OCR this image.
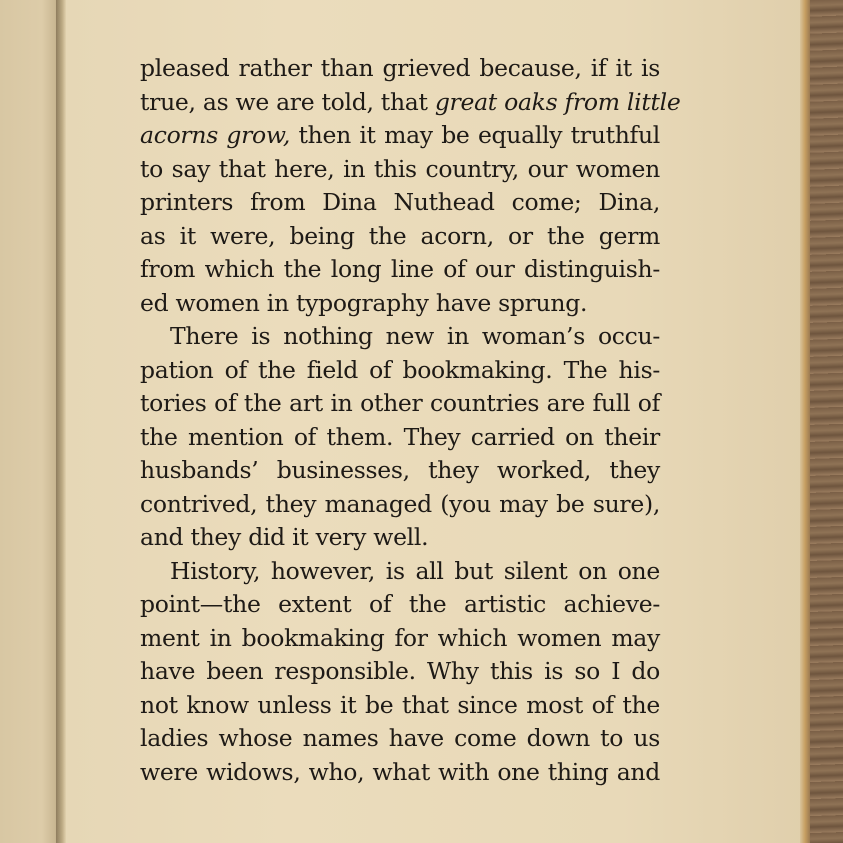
pleased rather than grieved because, if it is
true, as we are told, that great oaks from little
acorns grow, then it may be equally truthful
to say that here, in this country, our women
printers from Dina Nuthead come; Dina,
as it were, being the acorn, or the germ
from which the long line of our distinguish-
ed women in typography have sprung.
There is nothing new in woman’s occu-
pation of the field of bookmaking. The his-
tories of the art in other countries are full of
the mention of them. They carried on their
husbands’ businesses, they worked, they
contrived, they managed (you may be sure),
and they did it very well.
History, however, is all but silent on one
point—the extent of the artistic achieve-
ment in bookmaking for which women may
have been responsible. Why this is so I do
not know unless it be that since most of the
ladies whose names have come down to us
were widows, who, what with one thing and
